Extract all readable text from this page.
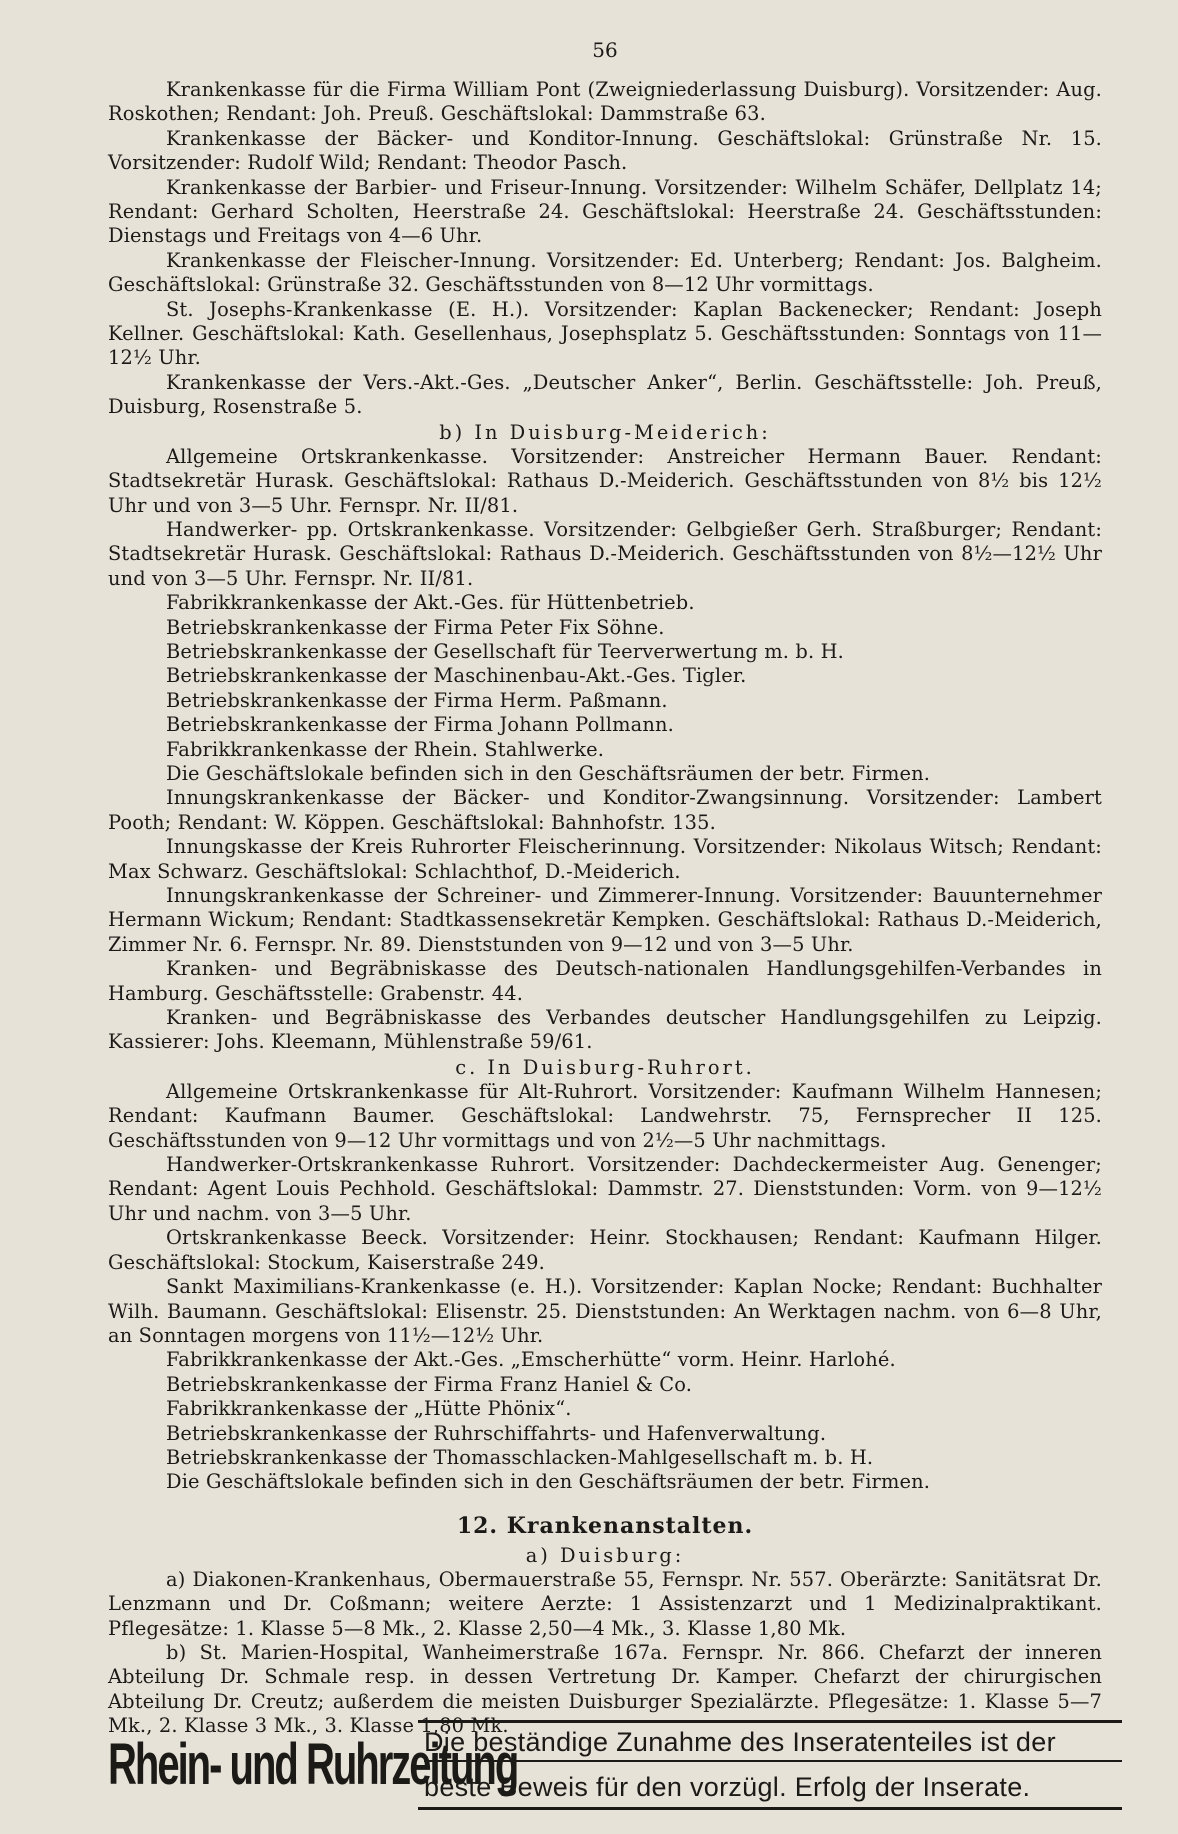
56

Krankenkasse für die Firma William Pont (Zweigniederlassung Duisburg). Vorsitzender: Aug. Roskothen; Rendant: Joh. Preuß. Geschäftslokal: Dammstraße 63.

Krankenkasse der Bäcker- und Konditor-Innung. Geschäftslokal: Grünstraße Nr. 15. Vorsitzender: Rudolf Wild; Rendant: Theodor Pasch.

Krankenkasse der Barbier- und Friseur-Innung. Vorsitzender: Wilhelm Schäfer, Dellplatz 14; Rendant: Gerhard Scholten, Heerstraße 24. Geschäftslokal: Heerstraße 24. Geschäftsstunden: Dienstags und Freitags von 4—6 Uhr.

Krankenkasse der Fleischer-Innung. Vorsitzender: Ed. Unterberg; Rendant: Jos. Balgheim. Geschäftslokal: Grünstraße 32. Geschäftsstunden von 8—12 Uhr vormittags.

St. Josephs-Krankenkasse (E. H.). Vorsitzender: Kaplan Backenecker; Rendant: Joseph Kellner. Geschäftslokal: Kath. Gesellenhaus, Josephsplatz 5. Geschäftsstunden: Sonntags von 11—12½ Uhr.

Krankenkasse der Vers.-Akt.-Ges. „Deutscher Anker“, Berlin. Geschäftsstelle: Joh. Preuß, Duisburg, Rosenstraße 5.

b) In Duisburg-Meiderich:

Allgemeine Ortskrankenkasse. Vorsitzender: Anstreicher Hermann Bauer. Rendant: Stadtsekretär Hurask. Geschäftslokal: Rathaus D.-Meiderich. Geschäftsstunden von 8½ bis 12½ Uhr und von 3—5 Uhr. Fernspr. Nr. II/81.

Handwerker- pp. Ortskrankenkasse. Vorsitzender: Gelbgießer Gerh. Straßburger; Rendant: Stadtsekretär Hurask. Geschäftslokal: Rathaus D.-Meiderich. Geschäftsstunden von 8½—12½ Uhr und von 3—5 Uhr. Fernspr. Nr. II/81.

Fabrikkrankenkasse der Akt.-Ges. für Hüttenbetrieb.

Betriebskrankenkasse der Firma Peter Fix Söhne.

Betriebskrankenkasse der Gesellschaft für Teerverwertung m. b. H.

Betriebskrankenkasse der Maschinenbau-Akt.-Ges. Tigler.

Betriebskrankenkasse der Firma Herm. Paßmann.

Betriebskrankenkasse der Firma Johann Pollmann.

Fabrikkrankenkasse der Rhein. Stahlwerke.

Die Geschäftslokale befinden sich in den Geschäftsräumen der betr. Firmen.

Innungskrankenkasse der Bäcker- und Konditor-Zwangsinnung. Vorsitzender: Lambert Pooth; Rendant: W. Köppen. Geschäftslokal: Bahnhofstr. 135.

Innungskasse der Kreis Ruhrorter Fleischerinnung. Vorsitzender: Nikolaus Witsch; Rendant: Max Schwarz. Geschäftslokal: Schlachthof, D.-Meiderich.

Innungskrankenkasse der Schreiner- und Zimmerer-Innung. Vorsitzender: Bauunternehmer Hermann Wickum; Rendant: Stadtkassensekretär Kempken. Geschäftslokal: Rathaus D.-Meiderich, Zimmer Nr. 6. Fernspr. Nr. 89. Dienststunden von 9—12 und von 3—5 Uhr.

Kranken- und Begräbniskasse des Deutsch-nationalen Handlungsgehilfen-Verbandes in Hamburg. Geschäftsstelle: Grabenstr. 44.

Kranken- und Begräbniskasse des Verbandes deutscher Handlungsgehilfen zu Leipzig. Kassierer: Johs. Kleemann, Mühlenstraße 59/61.

c. In Duisburg-Ruhrort.

Allgemeine Ortskrankenkasse für Alt-Ruhrort. Vorsitzender: Kaufmann Wilhelm Hannesen; Rendant: Kaufmann Baumer. Geschäftslokal: Landwehrstr. 75, Fernsprecher II 125. Geschäftsstunden von 9—12 Uhr vormittags und von 2½—5 Uhr nachmittags.

Handwerker-Ortskrankenkasse Ruhrort. Vorsitzender: Dachdeckermeister Aug. Genenger; Rendant: Agent Louis Pechhold. Geschäftslokal: Dammstr. 27. Dienststunden: Vorm. von 9—12½ Uhr und nachm. von 3—5 Uhr.

Ortskrankenkasse Beeck. Vorsitzender: Heinr. Stockhausen; Rendant: Kaufmann Hilger. Geschäftslokal: Stockum, Kaiserstraße 249.

Sankt Maximilians-Krankenkasse (e. H.). Vorsitzender: Kaplan Nocke; Rendant: Buchhalter Wilh. Baumann. Geschäftslokal: Elisenstr. 25. Dienststunden: An Werktagen nachm. von 6—8 Uhr, an Sonntagen morgens von 11½—12½ Uhr.

Fabrikkrankenkasse der Akt.-Ges. „Emscherhütte“ vorm. Heinr. Harlohé.

Betriebskrankenkasse der Firma Franz Haniel & Co.

Fabrikkrankenkasse der „Hütte Phönix“.

Betriebskrankenkasse der Ruhrschiffahrts- und Hafenverwaltung.

Betriebskrankenkasse der Thomasschlacken-Mahlgesellschaft m. b. H.

Die Geschäftslokale befinden sich in den Geschäftsräumen der betr. Firmen.

12. Krankenanstalten.
a) Duisburg:

a) Diakonen-Krankenhaus, Obermauerstraße 55, Fernspr. Nr. 557. Oberärzte: Sanitätsrat Dr. Lenzmann und Dr. Coßmann; weitere Aerzte: 1 Assistenzarzt und 1 Medizinalpraktikant. Pflegesätze: 1. Klasse 5—8 Mk., 2. Klasse 2,50—4 Mk., 3. Klasse 1,80 Mk.

b) St. Marien-Hospital, Wanheimerstraße 167a. Fernspr. Nr. 866. Chefarzt der inneren Abteilung Dr. Schmale resp. in dessen Vertretung Dr. Kamper. Chefarzt der chirurgischen Abteilung Dr. Creutz; außerdem die meisten Duisburger Spezialärzte. Pflegesätze: 1. Klasse 5—7 Mk., 2. Klasse 3 Mk., 3. Klasse 1,80 Mk.

Rhein- und Ruhrzeitung
Die beständige Zunahme des Inseratenteiles ist der
beste Beweis für den vorzügl. Erfolg der Inserate.
